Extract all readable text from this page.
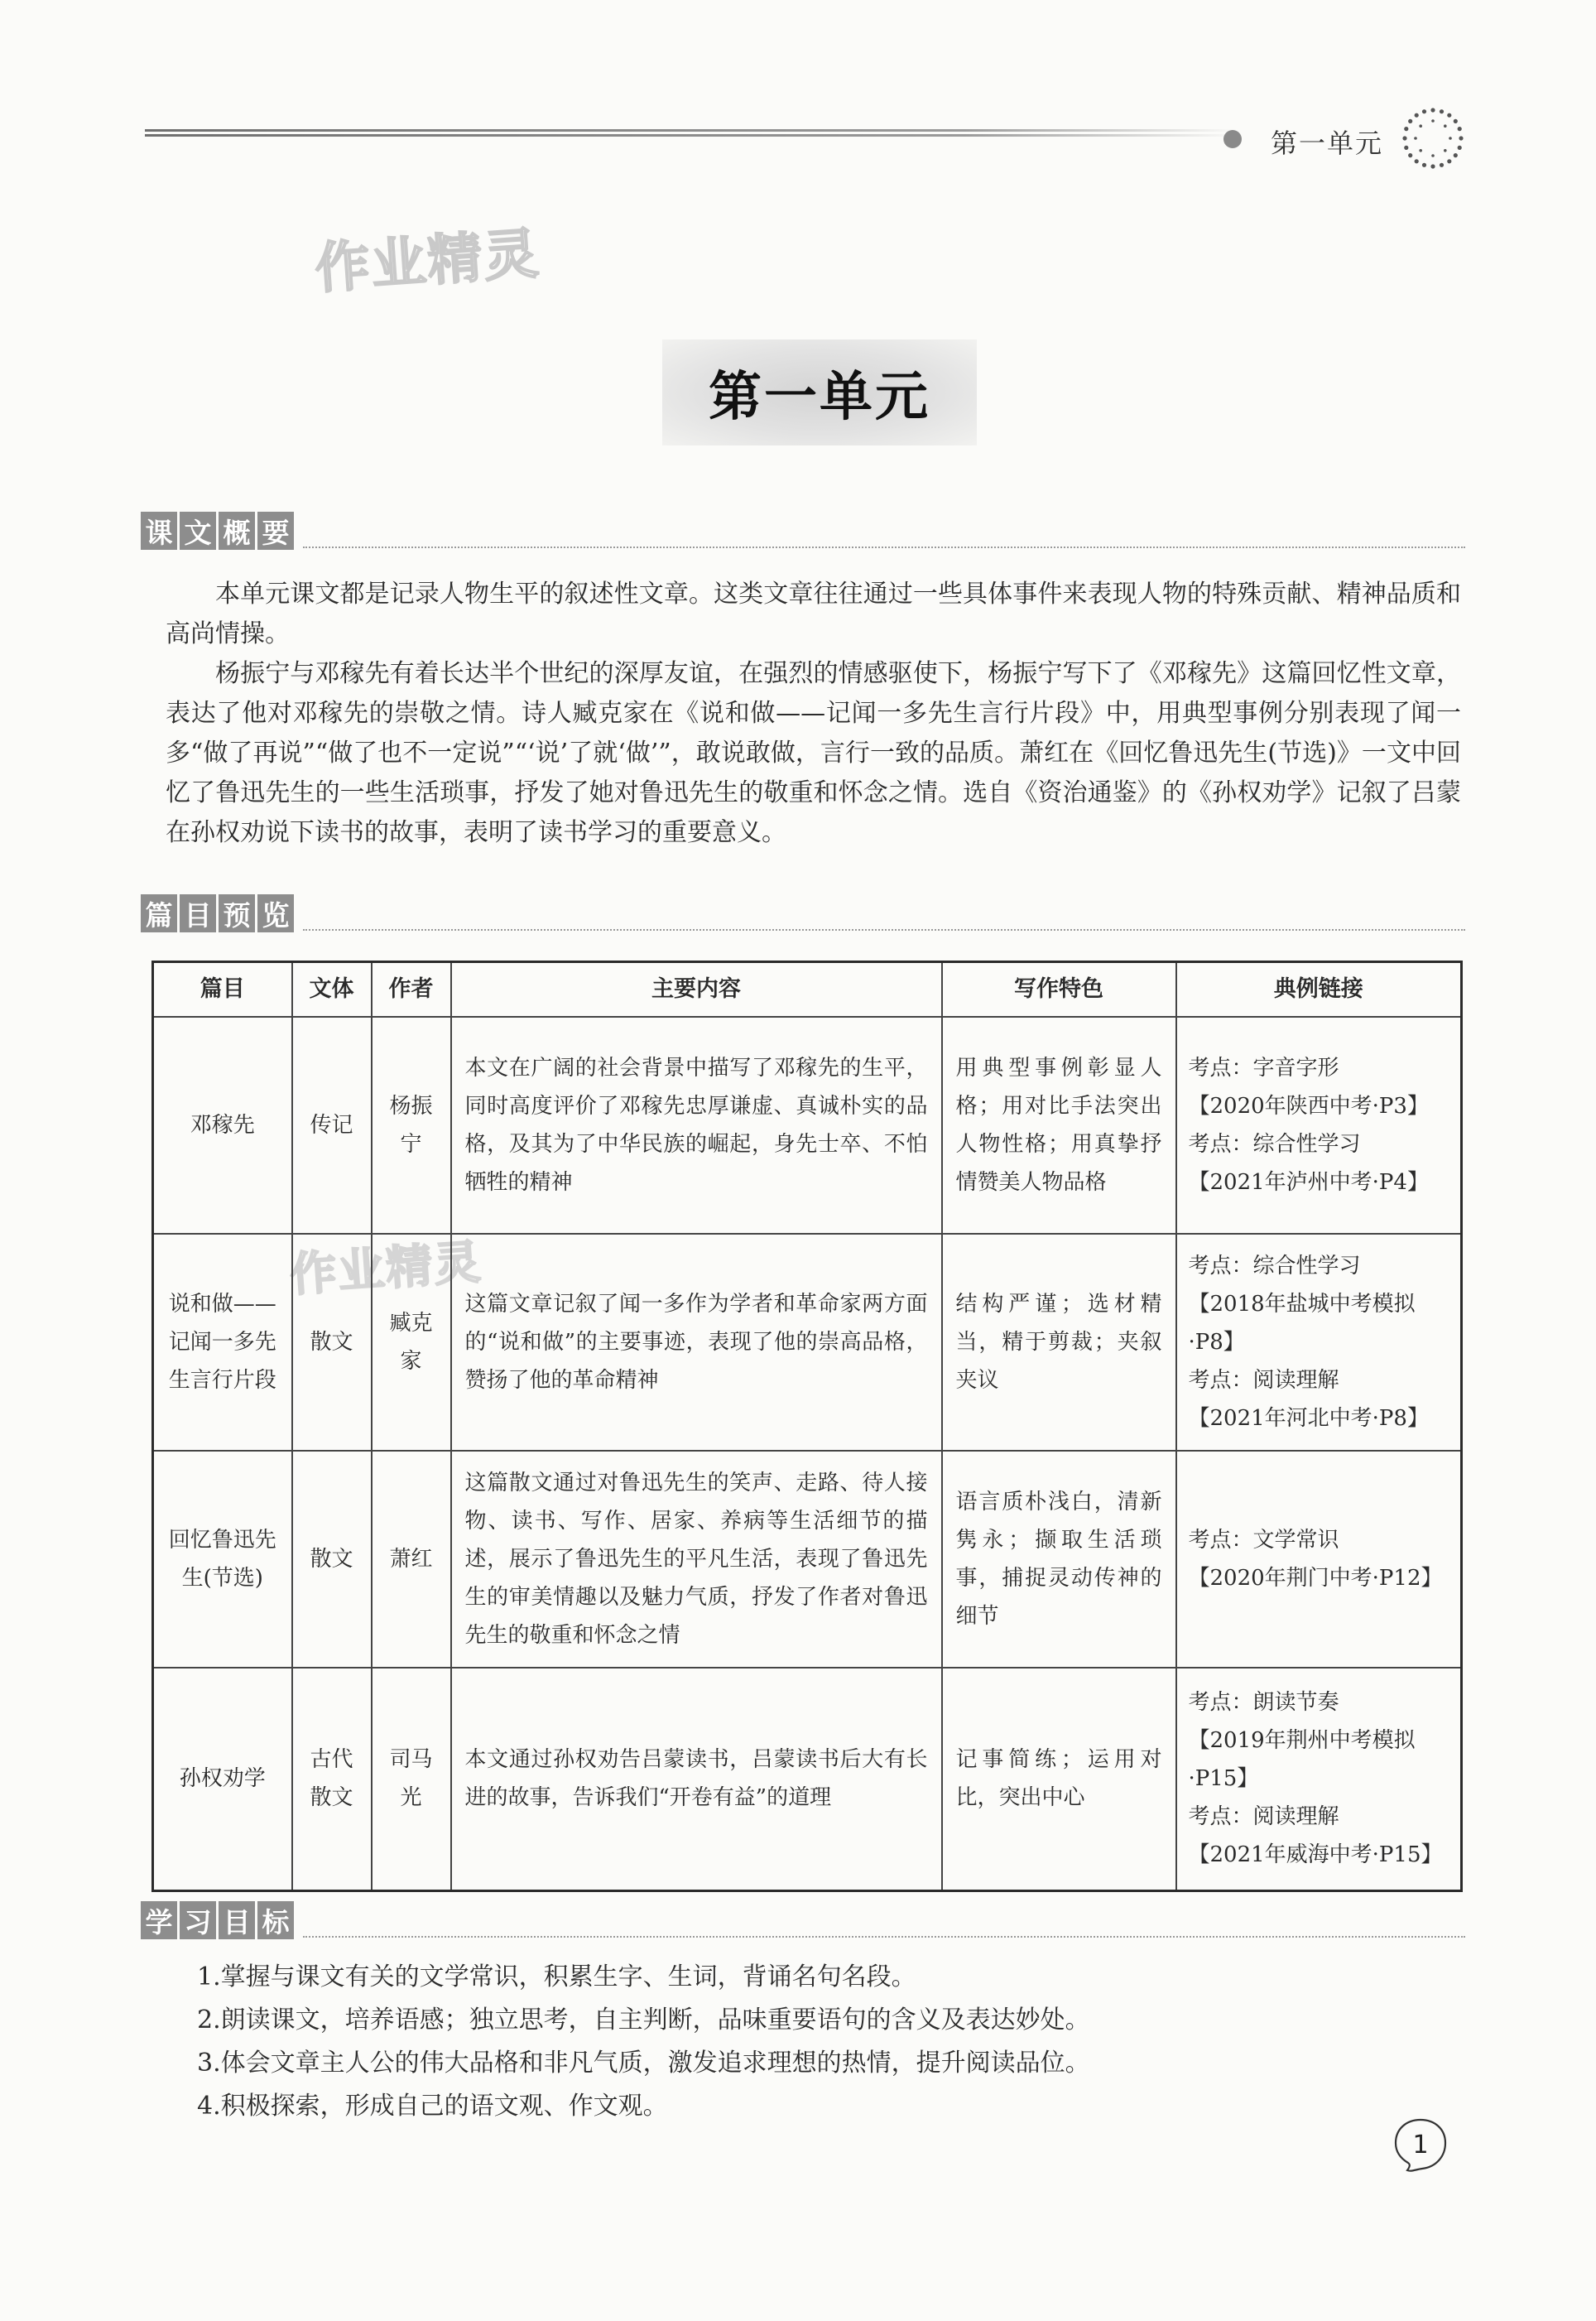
第一单元
作业精灵
作业精灵
第一单元
课 文 概 要

本单元课文都是记录人物生平的叙述性文章。这类文章往往通过一些具体事件来表现人物的特殊贡献、精神品质和高尚情操。

杨振宁与邓稼先有着长达半个世纪的深厚友谊，在强烈的情感驱使下，杨振宁写下了《邓稼先》这篇回忆性文章，表达了他对邓稼先的崇敬之情。诗人臧克家在《说和做——记闻一多先生言行片段》中，用典型事例分别表现了闻一多“做了再说”“做了也不一定说”“‘说’了就‘做’”，敢说敢做，言行一致的品质。萧红在《回忆鲁迅先生(节选)》一文中回忆了鲁迅先生的一些生活琐事，抒发了她对鲁迅先生的敬重和怀念之情。选自《资治通鉴》的《孙权劝学》记叙了吕蒙在孙权劝说下读书的故事，表明了读书学习的重要意义。

篇 目 预 览
篇目	文体	作者	主要内容	写作特色	典例链接
邓稼先	传记	杨振宁	本文在广阔的社会背景中描写了邓稼先的生平，同时高度评价了邓稼先忠厚谦虚、真诚朴实的品格，及其为了中华民族的崛起，身先士卒、不怕牺牲的精神	用典型事例彰显人格；用对比手法突出人物性格；用真挚抒情赞美人物品格	考点：字音字形
【2020年陕西中考·P3】
考点：综合性学习
【2021年泸州中考·P4】

说和做——记闻一多先生言行片段	散文	臧克家	这篇文章记叙了闻一多作为学者和革命家两方面的“说和做”的主要事迹，表现了他的崇高品格，赞扬了他的革命精神	结构严谨；选材精当，精于剪裁；夹叙夹议	考点：综合性学习
【2018年盐城中考模拟·P8】
考点：阅读理解
【2021年河北中考·P8】

回忆鲁迅先生(节选)	散文	萧红	这篇散文通过对鲁迅先生的笑声、走路、待人接物、读书、写作、居家、养病等生活细节的描述，展示了鲁迅先生的平凡生活，表现了鲁迅先生的审美情趣以及魅力气质，抒发了作者对鲁迅先生的敬重和怀念之情	语言质朴浅白，清新隽永；撷取生活琐事，捕捉灵动传神的细节	考点：文学常识
【2020年荆门中考·P12】

孙权劝学	古代散文	司马光	本文通过孙权劝告吕蒙读书，吕蒙读书后大有长进的故事，告诉我们“开卷有益”的道理	记事简练；运用对比，突出中心	考点：朗读节奏
【2019年荆州中考模拟·P15】
考点：阅读理解
【2021年威海中考·P15】
学 习 目 标
1.掌握与课文有关的文学常识，积累生字、生词，背诵名句名段。
2.朗读课文，培养语感；独立思考，自主判断，品味重要语句的含义及表达妙处。
3.体会文章主人公的伟大品格和非凡气质，激发追求理想的热情，提升阅读品位。
4.积极探索，形成自己的语文观、作文观。
1
